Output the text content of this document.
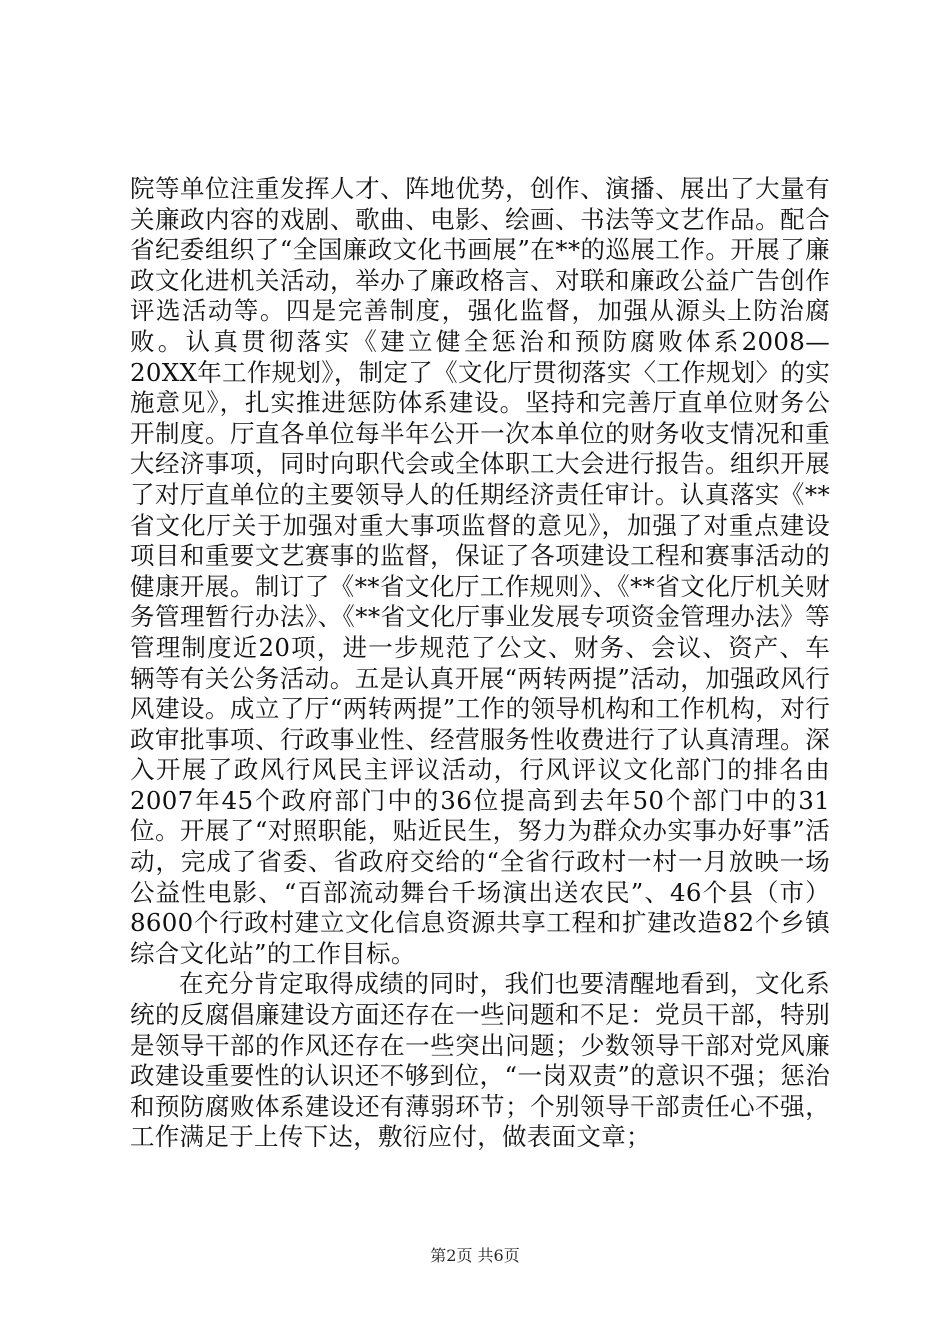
院等单位注重发挥人才、阵地优势，创作、演播、展出了大量有关廉政内容的戏剧、歌曲、电影、绘画、书法等文艺作品。配合省纪委组织了“全国廉政文化书画展”在**的巡展工作。开展了廉政文化进机关活动，举办了廉政格言、对联和廉政公益广告创作评选活动等。四是完善制度，强化监督，加强从源头上防治腐败。认真贯彻落实《建立健全惩治和预防腐败体系2008—20XX年工作规划》，制定了《文化厅贯彻落实〈工作规划〉的实施意见》，扎实推进惩防体系建设。坚持和完善厅直单位财务公开制度。厅直各单位每半年公开一次本单位的财务收支情况和重大经济事项，同时向职代会或全体职工大会进行报告。组织开展了对厅直单位的主要领导人的任期经济责任审计。认真落实《**省文化厅关于加强对重大事项监督的意见》，加强了对重点建设项目和重要文艺赛事的监督，保证了各项建设工程和赛事活动的健康开展。制订了《**省文化厅工作规则》、《**省文化厅机关财务管理暂行办法》、《**省文化厅事业发展专项资金管理办法》等管理制度近20项，进一步规范了公文、财务、会议、资产、车辆等有关公务活动。五是认真开展“两转两提”活动，加强政风行风建设。成立了厅“两转两提”工作的领导机构和工作机构，对行政审批事项、行政事业性、经营服务性收费进行了认真清理。深入开展了政风行风民主评议活动，行风评议文化部门的排名由2007年45个政府部门中的36位提高到去年50个部门中的31位。开展了“对照职能，贴近民生，努力为群众办实事办好事”活动，完成了省委、省政府交给的“全省行政村一村一月放映一场公益性电影、“百部流动舞台千场演出送农民”、46个县（市）8600个行政村建立文化信息资源共享工程和扩建改造82个乡镇综合文化站”的工作目标。

在充分肯定取得成绩的同时，我们也要清醒地看到，文化系统的反腐倡廉建设方面还存在一些问题和不足：党员干部，特别是领导干部的作风还存在一些突出问题；少数领导干部对党风廉政建设重要性的认识还不够到位，“一岗双责”的意识不强；惩治和预防腐败体系建设还有薄弱环节；个别领导干部责任心不强，工作满足于上传下达，敷衍应付，做表面文章；

第2页 共6页
